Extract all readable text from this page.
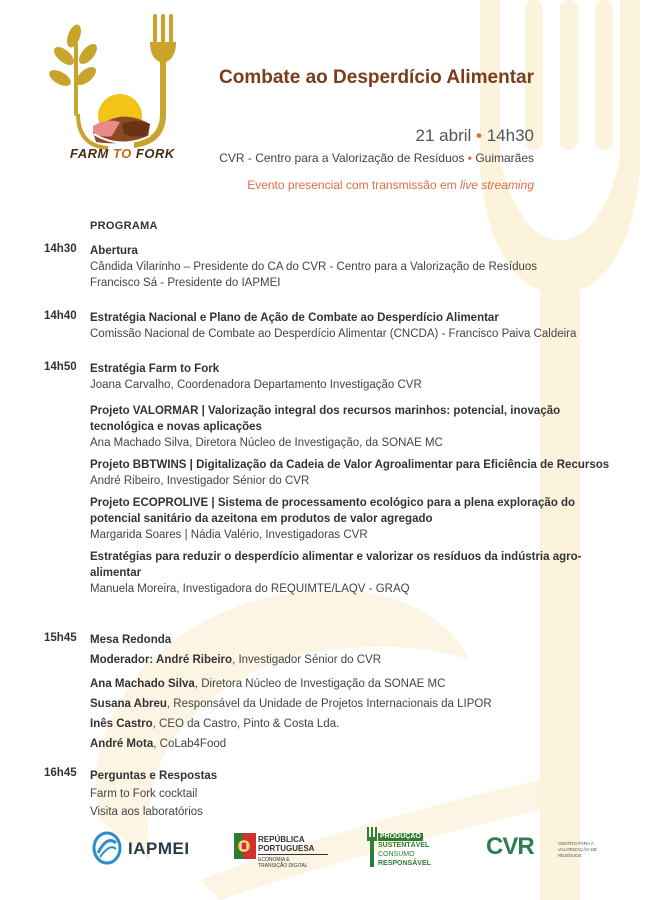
FARM TO FORK
Combate ao Desperdício Alimentar
21 abril • 14h30
CVR - Centro para a Valorização de Resíduos • Guimarães
Evento presencial com transmissão em live streaming
PROGRAMA
14h30 Abertura
Cândida Vilarinho – Presidente do CA do CVR - Centro para a Valorização de Resíduos
Francisco Sá - Presidente do IAPMEI
14h40 Estratégia Nacional e Plano de Ação de Combate ao Desperdício Alimentar
Comissão Nacional de Combate ao Desperdício Alimentar (CNCDA) - Francisco Paiva Caldeira
14h50 Estratégia Farm to Fork
Joana Carvalho, Coordenadora Departamento Investigação CVR
Projeto VALORMAR | Valorização integral dos recursos marinhos: potencial, inovação tecnológica e novas aplicações
Ana Machado Silva, Diretora Núcleo de Investigação, da SONAE MC
Projeto BBTWINS | Digitalização da Cadeia de Valor Agroalimentar para Eficiência de Recursos
André Ribeiro, Investigador Sénior do CVR
Projeto ECOPROLIVE | Sistema de processamento ecológico para a plena exploração do potencial sanitário da azeitona em produtos de valor agregado
Margarida Soares | Nádia Valério, Investigadoras CVR
Estratégias para reduzir o desperdício alimentar e valorizar os resíduos da indústria agro-alimentar
Manuela Moreira, Investigadora do REQUIMTE/LAQV - GRAQ
15h45 Mesa Redonda
Moderador: André Ribeiro, Investigador Sénior do CVR
Ana Machado Silva, Diretora Núcleo de Investigação da SONAE MC
Susana Abreu, Responsável da Unidade de Projetos Internacionais da LIPOR
Inês Castro, CEO da Castro, Pinto & Costa Lda.
André Mota, CoLab4Food
16h45 Perguntas e Respostas
Farm to Fork cocktail
Visita aos laboratórios
IAPMEI	REPÚBLICA
PORTUGUESA
ECONOMIA E
TRANSIÇÃO DIGITAL
PRODUÇÃO
SUSTENTÁVEL
CONSUMO
RESPONSÁVEL
CVR	CENTRO PARA A VALORIZAÇÃO DE RESÍDUOS
